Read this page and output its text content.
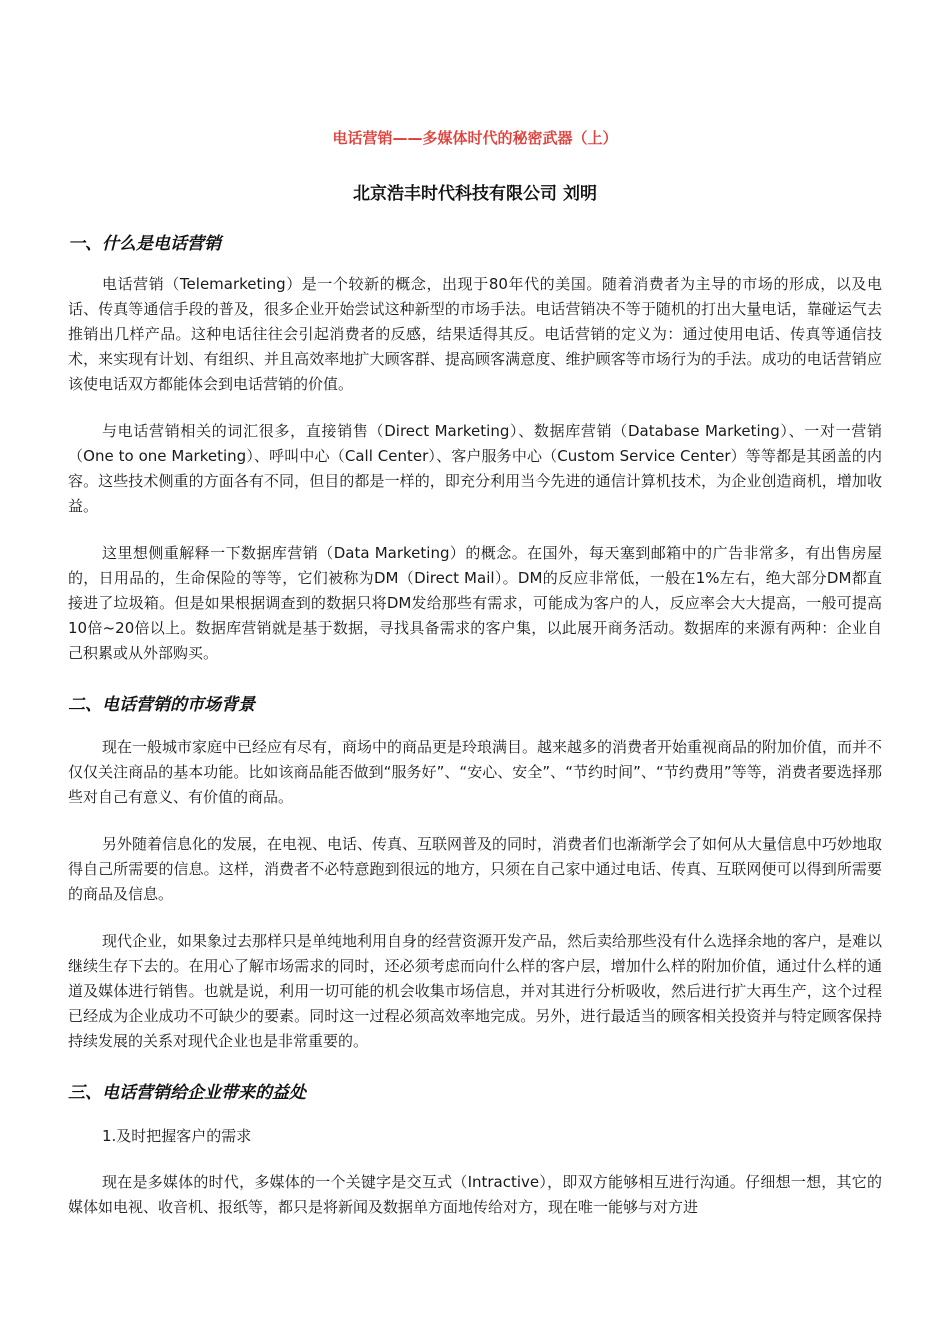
电话营销——多媒体时代的秘密武器（上）
北京浩丰时代科技有限公司 刘明
一、什么是电话营销
电话营销（Telemarketing）是一个较新的概念，出现于80年代的美国。随着消费者为主导的市场的形成，以及电话、传真等通信手段的普及，很多企业开始尝试这种新型的市场手法。电话营销决不等于随机的打出大量电话，靠碰运气去推销出几样产品。这种电话往往会引起消费者的反感，结果适得其反。电话营销的定义为：通过使用电话、传真等通信技术，来实现有计划、有组织、并且高效率地扩大顾客群、提高顾客满意度、维护顾客等市场行为的手法。成功的电话营销应该使电话双方都能体会到电话营销的价值。
与电话营销相关的词汇很多，直接销售（Direct Marketing）、数据库营销（Database Marketing）、一对一营销（One to one Marketing）、呼叫中心（Call Center）、客户服务中心（Custom Service Center）等等都是其函盖的内容。这些技术侧重的方面各有不同，但目的都是一样的，即充分利用当今先进的通信计算机技术，为企业创造商机，增加收益。
这里想侧重解释一下数据库营销（Data Marketing）的概念。在国外，每天塞到邮箱中的广告非常多，有出售房屋的，日用品的，生命保险的等等，它们被称为DM（Direct Mail）。DM的反应非常低，一般在1%左右，绝大部分DM都直接进了垃圾箱。但是如果根据调查到的数据只将DM发给那些有需求，可能成为客户的人，反应率会大大提高，一般可提高10倍~20倍以上。数据库营销就是基于数据，寻找具备需求的客户集，以此展开商务活动。数据库的来源有两种：企业自己积累或从外部购买。
二、电话营销的市场背景
现在一般城市家庭中已经应有尽有，商场中的商品更是玲琅满目。越来越多的消费者开始重视商品的附加价值，而并不仅仅关注商品的基本功能。比如该商品能否做到“服务好”、“安心、安全”、“节约时间”、“节约费用”等等，消费者要选择那些对自己有意义、有价值的商品。
另外随着信息化的发展，在电视、电话、传真、互联网普及的同时，消费者们也渐渐学会了如何从大量信息中巧妙地取得自己所需要的信息。这样，消费者不必特意跑到很远的地方，只须在自己家中通过电话、传真、互联网便可以得到所需要的商品及信息。
现代企业，如果象过去那样只是单纯地利用自身的经营资源开发产品，然后卖给那些没有什么选择余地的客户，是难以继续生存下去的。在用心了解市场需求的同时，还必须考虑而向什么样的客户层，增加什么样的附加价值，通过什么样的通道及媒体进行销售。也就是说，利用一切可能的机会收集市场信息，并对其进行分析吸收，然后进行扩大再生产，这个过程已经成为企业成功不可缺少的要素。同时这一过程必须高效率地完成。另外，进行最适当的顾客相关投资并与特定顾客保持持续发展的关系对现代企业也是非常重要的。
三、电话营销给企业带来的益处
1.及时把握客户的需求
现在是多媒体的时代，多媒体的一个关键字是交互式（Intractive），即双方能够相互进行沟通。仔细想一想，其它的媒体如电视、收音机、报纸等，都只是将新闻及数据单方面地传给对方，现在唯一能够与对方进
